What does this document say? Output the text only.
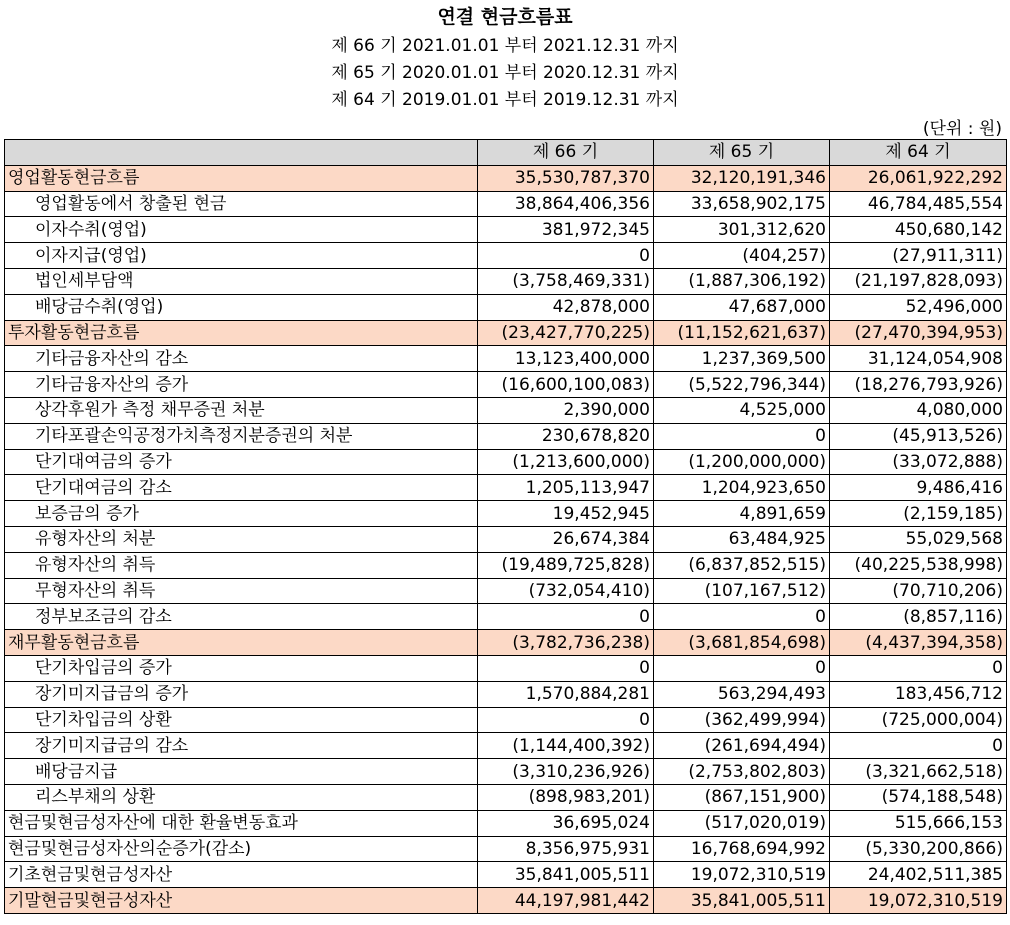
연결 현금흐름표
제 66 기 2021.01.01 부터 2021.12.31 까지
제 65 기 2020.01.01 부터 2020.12.31 까지
제 64 기 2019.01.01 부터 2019.12.31 까지
(단위 : 원)
	제 66 기	제 65 기	제 64 기
영업활동현금흐름	35,530,787,370	32,120,191,346	26,061,922,292
영업활동에서 창출된 현금	38,864,406,356	33,658,902,175	46,784,485,554
이자수취(영업)	381,972,345	301,312,620	450,680,142
이자지급(영업)	0	(404,257)	(27,911,311)
법인세부담액	(3,758,469,331)	(1,887,306,192)	(21,197,828,093)
배당금수취(영업)	42,878,000	47,687,000	52,496,000
투자활동현금흐름	(23,427,770,225)	(11,152,621,637)	(27,470,394,953)
기타금융자산의 감소	13,123,400,000	1,237,369,500	31,124,054,908
기타금융자산의 증가	(16,600,100,083)	(5,522,796,344)	(18,276,793,926)
상각후원가 측정 채무증권 처분	2,390,000	4,525,000	4,080,000
기타포괄손익공정가치측정지분증권의 처분	230,678,820	0	(45,913,526)
단기대여금의 증가	(1,213,600,000)	(1,200,000,000)	(33,072,888)
단기대여금의 감소	1,205,113,947	1,204,923,650	9,486,416
보증금의 증가	19,452,945	4,891,659	(2,159,185)
유형자산의 처분	26,674,384	63,484,925	55,029,568
유형자산의 취득	(19,489,725,828)	(6,837,852,515)	(40,225,538,998)
무형자산의 취득	(732,054,410)	(107,167,512)	(70,710,206)
정부보조금의 감소	0	0	(8,857,116)
재무활동현금흐름	(3,782,736,238)	(3,681,854,698)	(4,437,394,358)
단기차입금의 증가	0	0	0
장기미지급금의 증가	1,570,884,281	563,294,493	183,456,712
단기차입금의 상환	0	(362,499,994)	(725,000,004)
장기미지급금의 감소	(1,144,400,392)	(261,694,494)	0
배당금지급	(3,310,236,926)	(2,753,802,803)	(3,321,662,518)
리스부채의 상환	(898,983,201)	(867,151,900)	(574,188,548)
현금및현금성자산에 대한 환율변동효과	36,695,024	(517,020,019)	515,666,153
현금및현금성자산의순증가(감소)	8,356,975,931	16,768,694,992	(5,330,200,866)
기초현금및현금성자산	35,841,005,511	19,072,310,519	24,402,511,385
기말현금및현금성자산	44,197,981,442	35,841,005,511	19,072,310,519
